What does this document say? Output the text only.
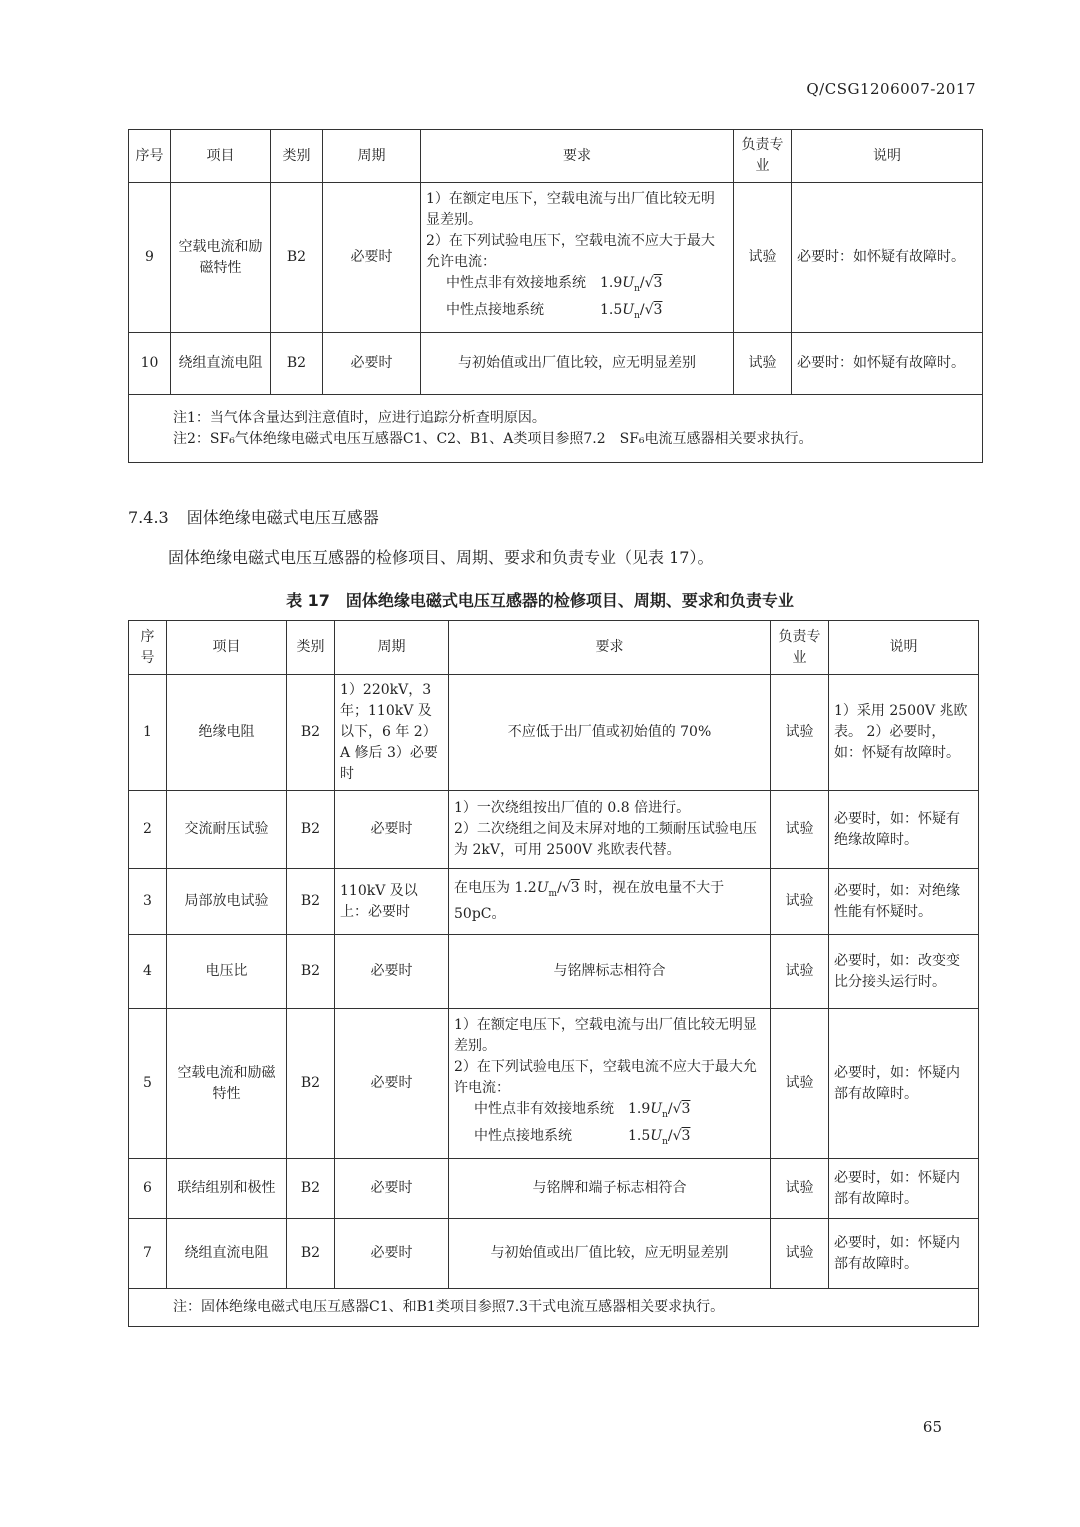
Q/CSG1206007-2017
序号	项目	类别	周期	要求	负责专业	说明
9	空载电流和励磁特性	B2	必要时	1）在额定电压下，空载电流与出厂值比较无明显差别。
2）在下列试验电压下，空载电流不应大于最大允许电流：
中性点非有效接地系统 $1.9U_n/√3$
中性点接地系统 $1.5U_n/√3$	试验	必要时：如怀疑有故障时。
10	绕组直流电阻	B2	必要时	与初始值或出厂值比较，应无明显差别	试验	必要时：如怀疑有故障时。

注1：当气体含量达到注意值时，应进行追踪分析查明原因。
注2：SF₆气体绝缘电磁式电压互感器C1、C2、B1、A类项目参照7.2　SF₆电流互感器相关要求执行。						
7.4.3 固体绝缘电磁式电压互感器
固体绝缘电磁式电压互感器的检修项目、周期、要求和负责专业（见表 17）。
表 17　固体绝缘电磁式电压互感器的检修项目、周期、要求和负责专业
序号	项目	类别	周期	要求	负责专业	说明
1	绝缘电阻	B2	1）220kV，3年；110kV 及以下，6 年 2）A 修后 3）必要时	不应低于出厂值或初始值的 70%	试验	1）采用 2500V 兆欧表。 2）必要时，如：怀疑有故障时。
2	交流耐压试验	B2	必要时	1）一次绕组按出厂值的 0.8 倍进行。
2）二次绕组之间及末屏对地的工频耐压试验电压为 2kV，可用 2500V 兆欧表代替。	试验	必要时，如：怀疑有绝缘故障时。
3	局部放电试验	B2	110kV 及以上：必要时	在电压为 $1.2U_m/√3$ 时，视在放电量不大于 50pC。	试验	必要时，如：对绝缘性能有怀疑时。
4	电压比	B2	必要时	与铭牌标志相符合	试验	必要时，如：改变变比分接头运行时。
5	空载电流和励磁特性	B2	必要时	1）在额定电压下，空载电流与出厂值比较无明显差别。
2）在下列试验电压下，空载电流不应大于最大允许电流：
中性点非有效接地系统 $1.9U_n/√3$
中性点接地系统 $1.5U_n/√3$	试验	必要时，如：怀疑内部有故障时。
6	联结组别和极性	B2	必要时	与铭牌和端子标志相符合	试验	必要时，如：怀疑内部有故障时。
7	绕组直流电阻	B2	必要时	与初始值或出厂值比较，应无明显差别	试验	必要时，如：怀疑内部有故障时。
注：固体绝缘电磁式电压互感器C1、和B1类项目参照7.3干式电流互感器相关要求执行。						
65
